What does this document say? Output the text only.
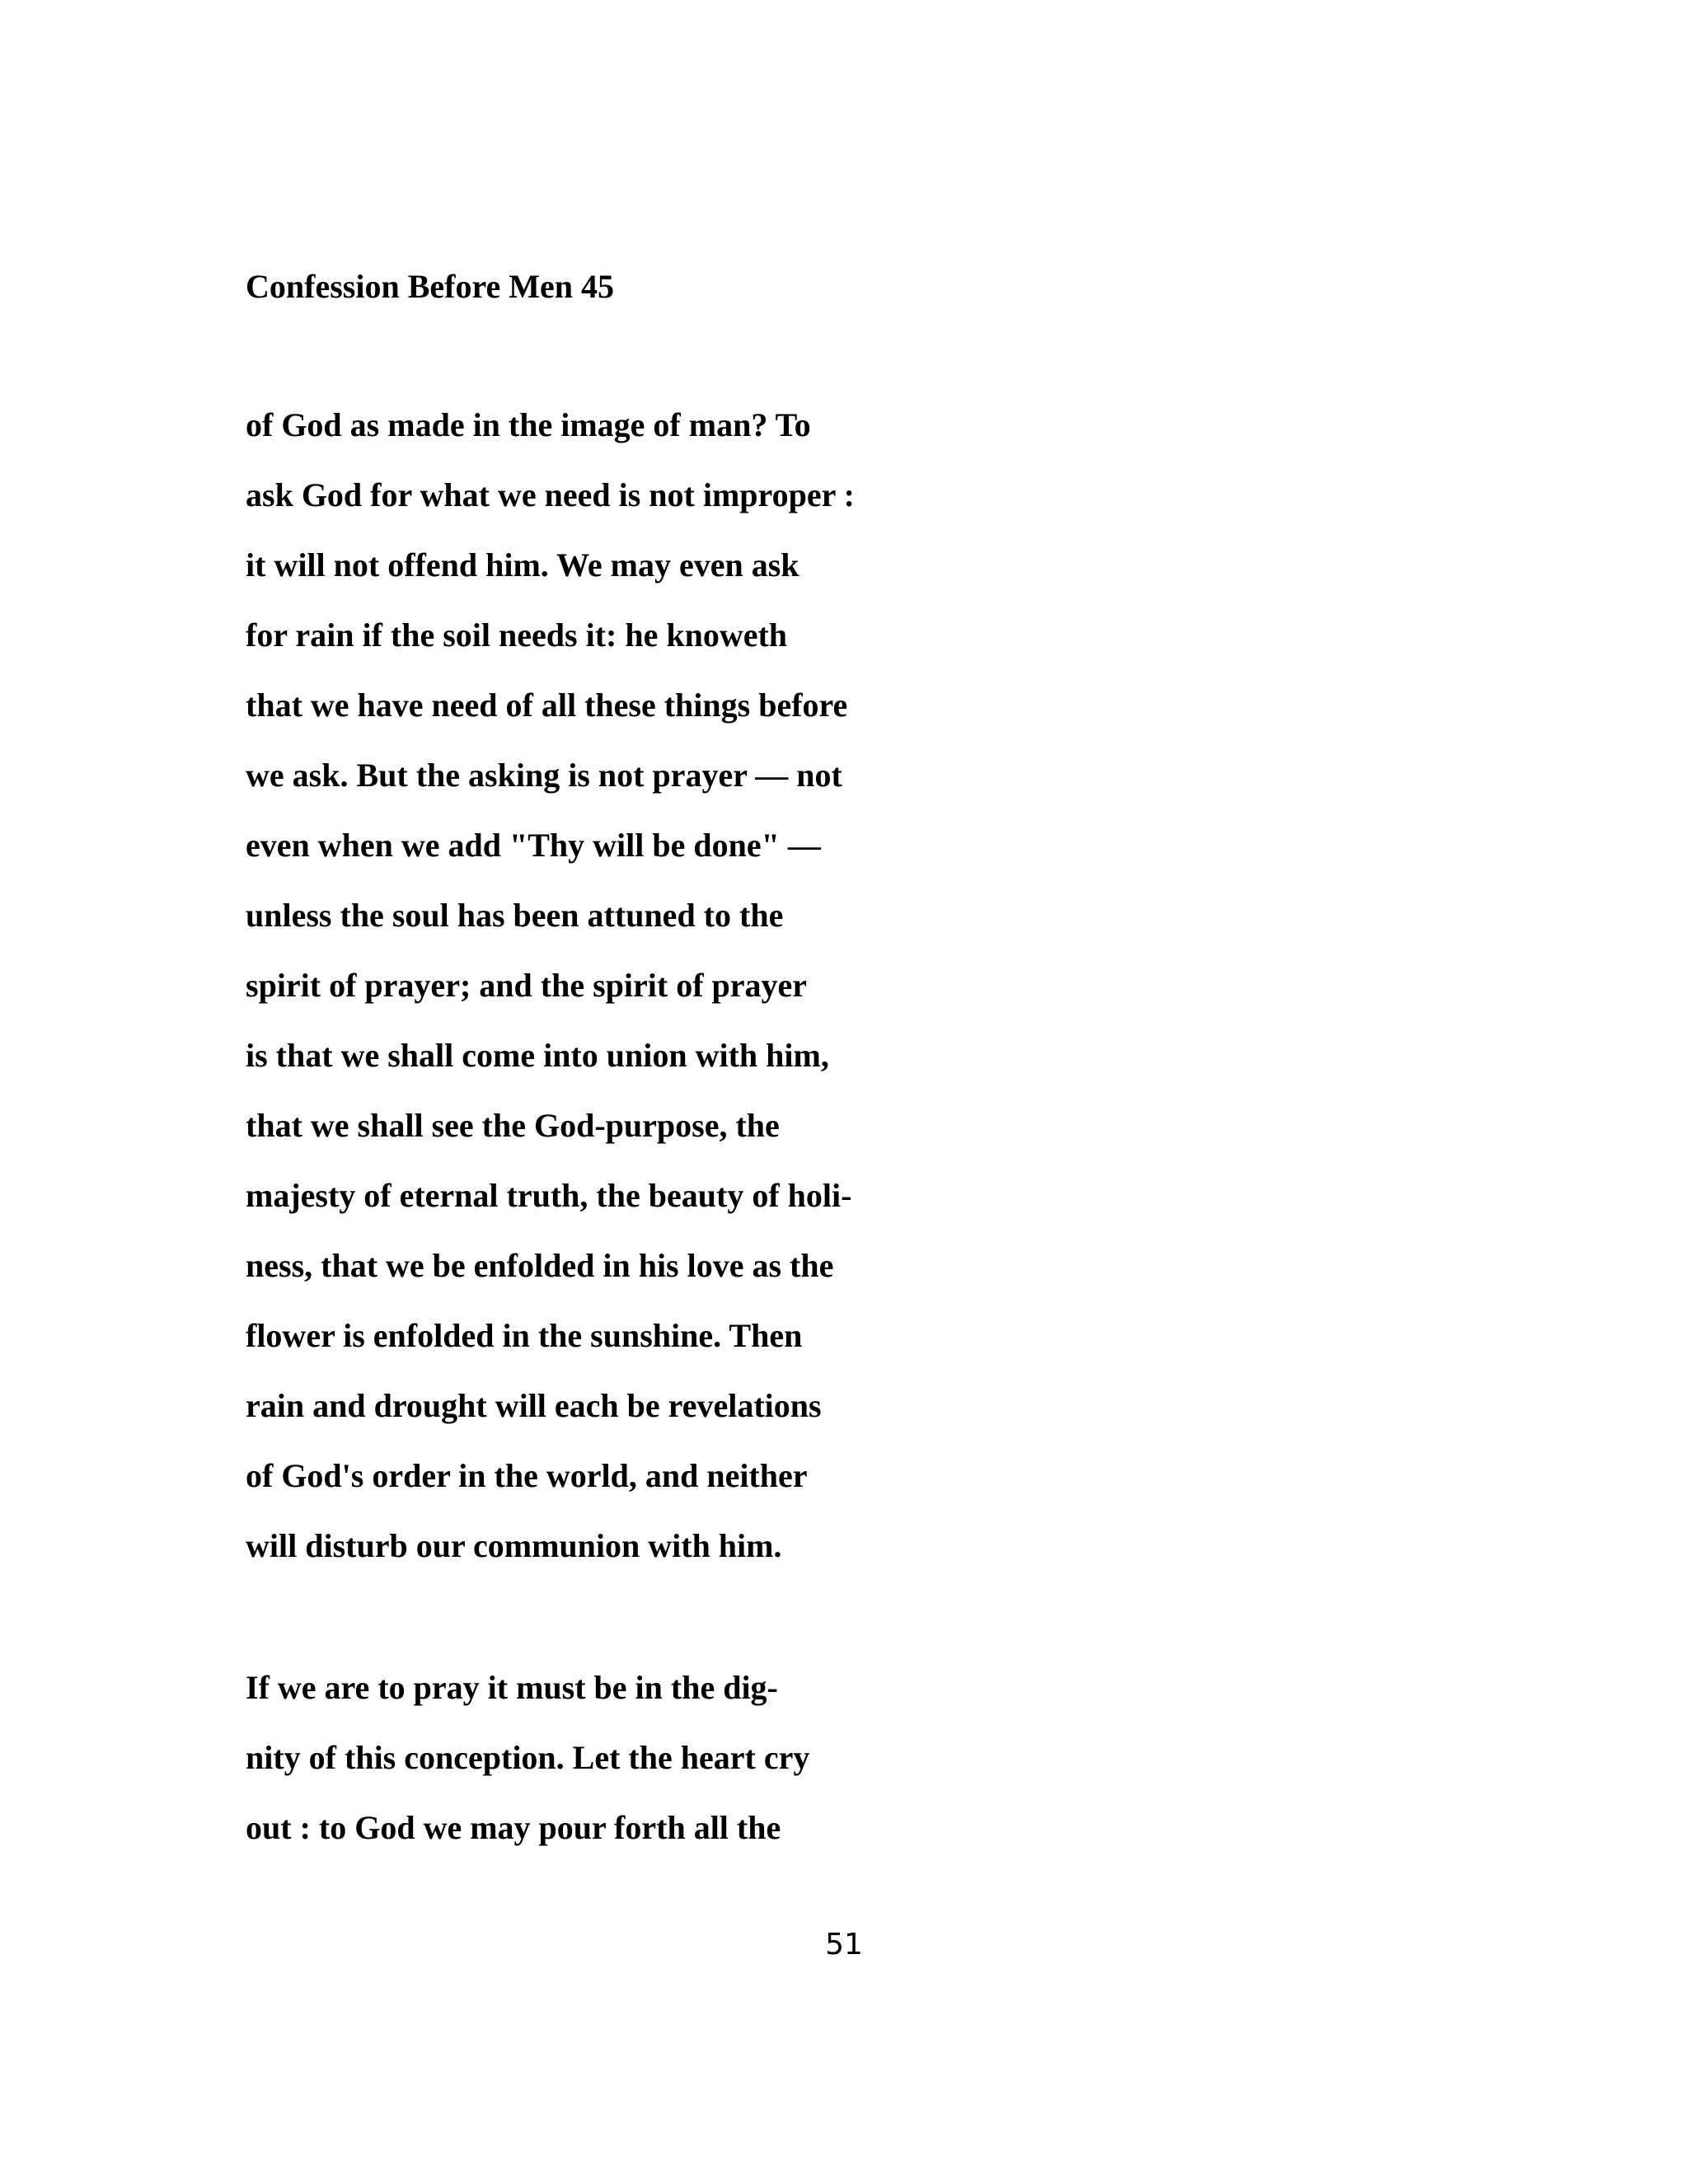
Confession Before Men 45
of God as made in the image of man? To
ask God for what we need is not improper :
it will not offend him. We may even ask
for rain if the soil needs it: he knoweth
that we have need of all these things before
we ask. But the asking is not prayer — not
even when we add "Thy will be done" —
unless the soul has been attuned to the
spirit of prayer; and the spirit of prayer
is that we shall come into union with him,
that we shall see the God-purpose, the
majesty of eternal truth, the beauty of holi-
ness, that we be enfolded in his love as the
flower is enfolded in the sunshine. Then
rain and drought will each be revelations
of God's order in the world, and neither
will disturb our communion with him.
If we are to pray it must be in the dig-
nity of this conception. Let the heart cry
out : to God we may pour forth all the
51
